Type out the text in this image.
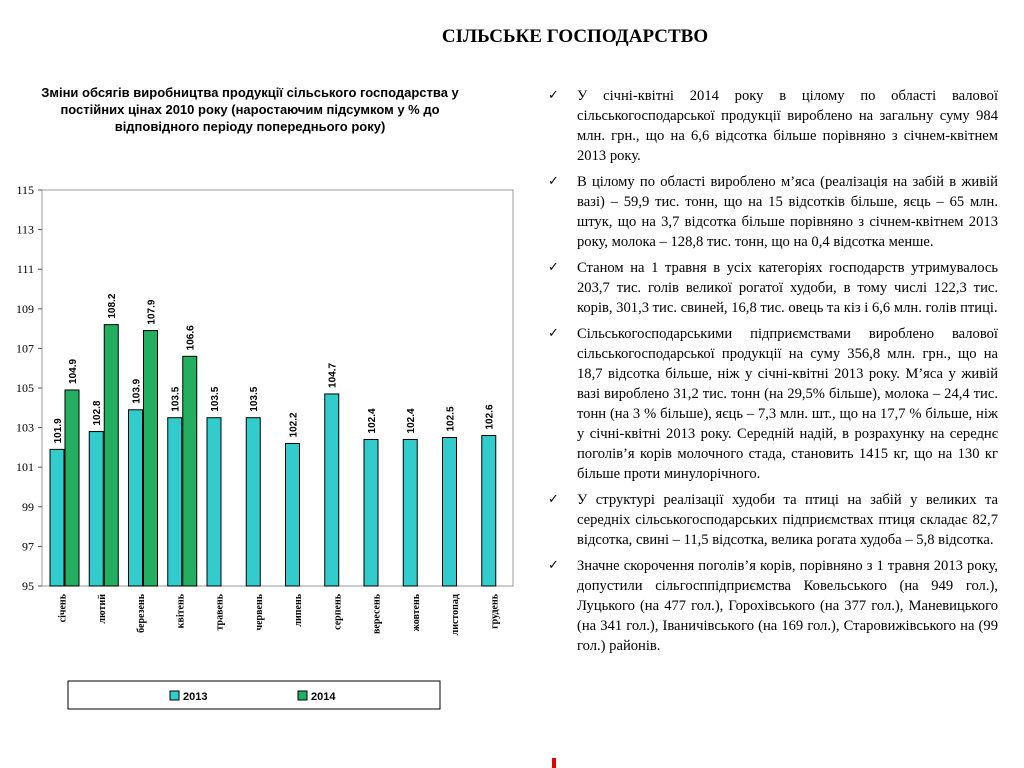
СІЛЬСЬКЕ ГОСПОДАРСТВО
95
97
99
101
103
105
107
109
111
113
115
101.9
104.9
січень
102.8
108.2
лютий
103.9
107.9
березень
103.5
106.6
квітень
103.5
травень
103.5
червень
102.2
липень
104.7
серпень
102.4
вересень
102.4
жовтень
102.5
листопад
102.6
грудень
2013	2014

Зміни обсягів виробництва продукції сільського господарства у постійних цінах 2010 року (наростаючим підсумком у % до відповідного періоду попереднього року)

✓ У січні-квітні 2014 року в цілому по області валової сільськогосподарської продукції вироблено на загальну суму 984 млн. грн., що на 6,6 відсотка більше порівняно з січнем-квітнем 2013 року.
✓ В цілому по області вироблено м’яса (реалізація на забій в живій вазі) – 59,9 тис. тонн, що на 15 відсотків більше, яєць – 65 млн. штук, що на 3,7 відсотка більше порівняно з січнем-квітнем 2013 року, молока – 128,8 тис. тонн, що на 0,4 відсотка менше.
✓ Станом на 1 травня в усіх категоріях господарств утримувалось 203,7 тис. голів великої рогатої худоби, в тому числі 122,3 тис. корів, 301,3 тис. свиней, 16,8 тис. овець та кіз і 6,6 млн. голів птиці.
✓ Сільськогосподарськими підприємствами вироблено валової сільськогосподарської продукції на суму 356,8 млн. грн., що на 18,7 відсотка більше, ніж у січні-квітні 2013 року. М’яса у живій вазі вироблено 31,2 тис. тонн (на 29,5% більше), молока – 24,4 тис. тонн (на 3 % більше), яєць – 7,3 млн. шт., що на 17,7 % більше, ніж у січні-квітні 2013 року. Середній надій, в розрахунку на середнє поголів’я корів молочного стада, становить 1415 кг, що на 130 кг більше проти минулорічного.
✓ У структурі реалізації худоби та птиці на забій у великих та середніх сільськогосподарських підприємствах птиця складає 82,7 відсотка, свині – 11,5 відсотка, велика рогата худоба – 5,8 відсотка.
✓ Значне скорочення поголів’я корів, порівняно з 1 травня 2013 року, допустили сільгосппідприємства Ковельського (на 949 гол.), Луцького (на 477 гол.), Горохівського (на 377 гол.), Маневицького (на 341 гол.), Іваничівського (на 169 гол.), Старовижівського на (99 гол.) районів.
